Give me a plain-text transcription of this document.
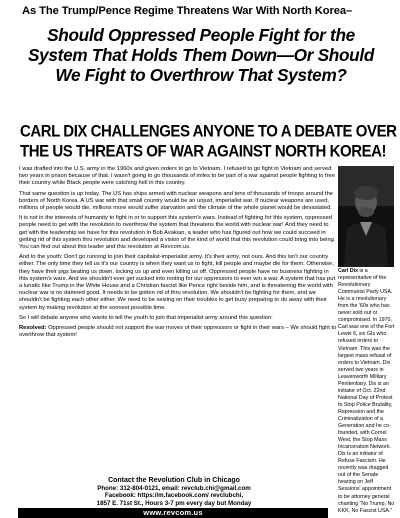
As The Trump/Pence Regime Threatens War With North Korea–
Should Oppressed People Fight for the
System That Holds Them Down—Or Should
We Fight to Overthrow That System?
CARL DIX CHALLENGES ANYONE TO A DEBATE OVER
THE US THREATS OF WAR AGAINST NORTH KOREA!

I was drafted into the U.S. army in the 1960s and given orders to go to Vietnam. I refused to go fight in Vietnam and served two years in prison because of that. I wasn't going to go thousands of miles to be part of a war against people fighting to free their country while Black people were catching hell in this country.

That same question is up today. The US has ships armed with nuclear weapons and tens of thousands of troops around the borders of North Korea. A US war with that small country would be an unjust, imperialist war. If nuclear weapons are used, millions of people would die, millions more would suffer starvation and the climate of the whole planet would be devastated.

It is not in the interests of humanity to fight in or to support this system's wars. Instead of fighting for this system, oppressed people need to get with the revolution to overthrow the system that threatens the world with nuclear war! And they need to get with the leadership we have for this revolution in Bob Avakian, a leader who has figured out how we could succeed in getting rid of this system thru revolution and developed a vision of the kind of world that this revolution could bring into being. You can find out about this leader and this revolution at Revcom.us.

And to the youth: Don't go running to join their capitalist-imperialist army. It's their army, not ours. And this isn't our country either. The only time they tell us it's our country is when they want us to fight, kill people and maybe die for them. Otherwise, they have their pigs beating us down, locking us up and even killing us off. Oppressed people have no business fighting in this system's wars. And we shouldn't ever get sucked into rooting for our oppressors to ever win a war. A system that has put a lunatic like Trump in the White House and a Christian fascist like Pence right beside him, and is threatening the world with nuclear war is no damned good. It needs to be gotten rid of thru revolution. We shouldn't be fighting for them, and we shouldn't be fighting each other either. We need to be seizing on their troubles to get busy preparing to do away with their system by making revolution at the soonest possible time.

So I will debate anyone who wants to tell the youth to join that imperialist army around this question:

Resolved: Oppressed people should not support the war moves of their oppressors or fight in their wars – We should fight to overthrow that system!

Carl Dix is a representative of the Revolutionary Communist Party USA. He is a revolutionary from the '60s who has never sold out or compromised. In 1970, Carl was one of the Fort Lewis 6, six GIs who refused orders to Vietnam. This was the largest mass refusal of orders to Vietnam. Dix served two years in Leavenworth Military Penitentiary. Dix is an initiator of Oct. 22nd National Day of Protest to Stop Police Brutality, Repression and the Criminalization of a Generation and he co-founded, with Cornel West, the Stop Mass Incarceration Network. Dix is an initiator of Refuse Fascism. He recently was dragged out of the Senate hearing on Jeff Sessions' appointment to be attorney general chanting “No Trump, No KKK, No Fascist USA.”
Contact the Revolution Club in Chicago
Phone: 312-804-0121, email: revclub.chi@gmail.com
Facebook: https://m.facebook.com/ revclubchi,
1857 E. 71st St., Hours 3-7 pm every day but Monday
www.revcom.us
